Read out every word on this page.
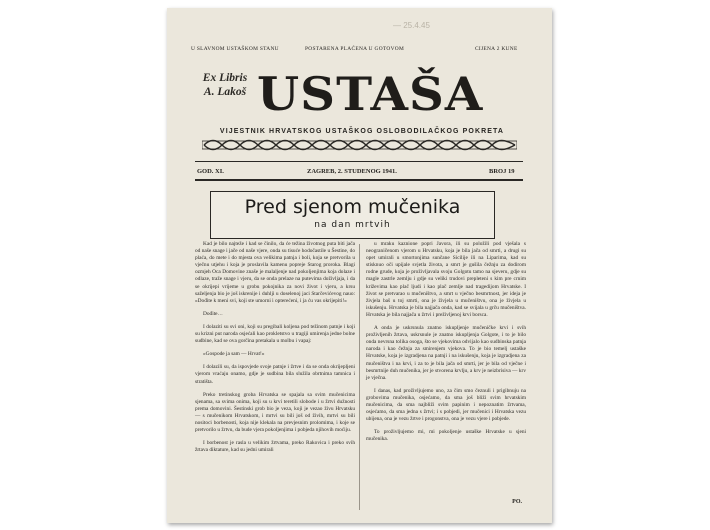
— 25.4.45
U SLAVNOM USTAŠKOM STANU	POSTARENA PLAĆENA U GOTOVOM	CIJENA 2 KUNE
Ex Libris
A. Lakoš USTAŠA
VIJESTNIK HRVATSKOG USTAŠKOG OSLOBODILAČKOG POKRETA
GOD. XI.	ZAGREB, 2. STUDENOG 1941.	BROJ 19
Pred sjenom mučenika
na dan mrtvih

Kad je bilo najteže i kad se činilo, da će težina životnog puta biti jača od naše snage i jače od naše vjere, onda su tisuće hodočastile u Šestine, do plaća, do mete i do mjesta ova velikima patnja i boli, koja se pretvorila u vječnu utjehu i koja je proslavila kamenu popreje Starog proroka. Blagi ozmjeh Oca Domovine znaše je malaljenje nad pokoljenjima koja dolaze i odlaze, traže snage i vjeru, da se onda prelaze na putevima doživljaja, i da se okrijepi vrijeme u grobu pokojnika za novi život i vjeru, a krsu saželjenja bio je još iskrenije i duhlji u doselenoj jaci Starčevićevog nauo: »Dođite k meni svi, koji ste umorni i opterećeni, i ja ću vas okrijepiti!«

Dođite…

I dolaziti su svi oni, koji su pregibali koljena pod težinom patnje i koji su krizni put naroda osjećali kao prokletstvo u tragiji umirenja jedne bolne sudbine, kad se ova gorčina pretakala u molbu i vapaj:

»Gospode ja sam — Hrvat!«

I dolazili su, da ispovjede svoje patnje i žrtve i da se onda okrijepljeni vjerom vraćaju onamo, gdje je sudbina bila služila obrtnima tamnica i stratišta.

Preko tretinskog groba Hrvatska se spajala sa svim mučenicima sjenama, sa svima onima, koji su u krvi teretili slobode i u žrtvi dužnosti prema domovini. Šestinski grob bio je veza, koji je vezao živu Hrvatsku — s mučenikom Hrvatskom, i mrtvi su bili još od živih, mrtvi su bili nositoci borbenosti, koja nije klekala na prevjesnim prolomima, i koje se pretvorilo u žrtvu, da bude vjera pokoljenjima i pobjeda njihovih moćiju.

I borbenost je rasla u velikim žrtvama, preko Rakovica i preko svih žrtava diktature, kad su jedni umirali

u mraku kaznione popri Javora, ili su položili pod vješala s neograničenom vjerom u Hrvatsku, koja je bila jača od smrti, a drugi su opet umirali u smortonjima sunčane Sicilije ili na Liparima, kad su stisknuo oči upijale svjetla života, a smrt je gušila čežnju za dodirom rodne grude, koja je proživljavala svoju Golgotu tamo na sjeveru, gdje su magle zastrle zemlju i gdje su veliki trudovi prepleteni s kim pre crnim križevima kao plač ljudi i kao plač zemlje nad tragedijom Hrvatske. I život se pretvarao u mučeništvo, a smrt u vječno besmrtnost, jer ideja je živjela baš u toj smrti, ona je živjela u mučeništvu, ona je živjela u iskušenju. Hrvatska je bila najjača onda, kad se svijala u grču mučeništva. Hrvatska je bila najjača u žrtvi i preživljenoj krvi borsca.

A onda je uskrsnula znatno iskupljenje mučeničke krvi i svih proživljenih žrtava, uskrsnule je znatno iskupljenja Golgote, i to je bilo onda nevrsna tolika osoga, što se vjekovima odvijalo kao sudbinska patnja naroda i kao čežnja za smirenjem vjekova. To je bio temelj ustaške Hrvatske, koja je izgradjena na patnji i na iskušenju, koja je izgradjena za mučeništva i na krvi, i za to je bila jača od smrti, jer je bila od vječne i besmrtnije duh mučenika, jer je stvorena krvlju, a krv je neizbrisiva — krv je vječna.

I danas, kad proživljujemo uno, za čim smo čeznuli i prigibnuju na grobovima mučenika, osjećamo, da sma još bliži svim hrvatskim mučenicima, da sma najbliži svim papinim i nepoznatim žrtvama, osjećamo, da sma jedna s žrtvi; i s pobjedi, jer mučenici i Hrvatska vezu ubijena, ona je vezu žrtve i progonstva, ona je vezu vjere i pobjede.

To proživljujemo mi, mi pokoljenje ustaške Hrvatske u sjeni mučenika.

PO.
